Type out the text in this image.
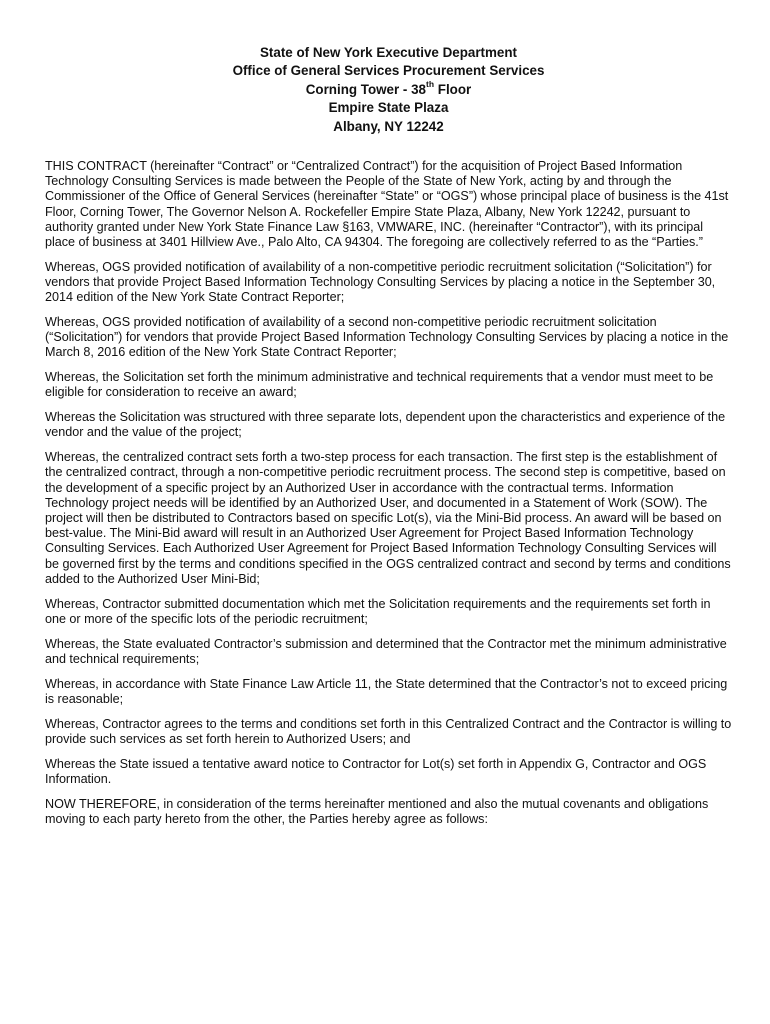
State of New York Executive Department
Office of General Services Procurement Services
Corning Tower - 38th Floor
Empire State Plaza
Albany, NY 12242

THIS CONTRACT (hereinafter “Contract” or “Centralized Contract”) for the acquisition of Project Based Information Technology Consulting Services is made between the People of the State of New York, acting by and through the Commissioner of the Office of General Services (hereinafter “State” or “OGS”) whose principal place of business is the 41st Floor, Corning Tower, The Governor Nelson A. Rockefeller Empire State Plaza, Albany, New York 12242, pursuant to authority granted under New York State Finance Law §163, VMWARE, INC. (hereinafter “Contractor”), with its principal place of business at 3401 Hillview Ave., Palo Alto, CA 94304. The foregoing are collectively referred to as the “Parties.”

Whereas, OGS provided notification of availability of a non-competitive periodic recruitment solicitation (“Solicitation”) for vendors that provide Project Based Information Technology Consulting Services by placing a notice in the September 30, 2014 edition of the New York State Contract Reporter;

Whereas, OGS provided notification of availability of a second non-competitive periodic recruitment solicitation (“Solicitation”) for vendors that provide Project Based Information Technology Consulting Services by placing a notice in the March 8, 2016 edition of the New York State Contract Reporter;

Whereas, the Solicitation set forth the minimum administrative and technical requirements that a vendor must meet to be eligible for consideration to receive an award;

Whereas the Solicitation was structured with three separate lots, dependent upon the characteristics and experience of the vendor and the value of the project;

Whereas, the centralized contract sets forth a two-step process for each transaction. The first step is the establishment of the centralized contract, through a non-competitive periodic recruitment process. The second step is competitive, based on the development of a specific project by an Authorized User in accordance with the contractual terms. Information Technology project needs will be identified by an Authorized User, and documented in a Statement of Work (SOW). The project will then be distributed to Contractors based on specific Lot(s), via the Mini-Bid process. An award will be based on best-value. The Mini-Bid award will result in an Authorized User Agreement for Project Based Information Technology Consulting Services. Each Authorized User Agreement for Project Based Information Technology Consulting Services will be governed first by the terms and conditions specified in the OGS centralized contract and second by terms and conditions added to the Authorized User Mini-Bid;

Whereas, Contractor submitted documentation which met the Solicitation requirements and the requirements set forth in one or more of the specific lots of the periodic recruitment;

Whereas, the State evaluated Contractor’s submission and determined that the Contractor met the minimum administrative and technical requirements;

Whereas, in accordance with State Finance Law Article 11, the State determined that the Contractor’s not to exceed pricing is reasonable;

Whereas, Contractor agrees to the terms and conditions set forth in this Centralized Contract and the Contractor is willing to provide such services as set forth herein to Authorized Users; and

Whereas the State issued a tentative award notice to Contractor for Lot(s) set forth in Appendix G, Contractor and OGS Information.

NOW THEREFORE, in consideration of the terms hereinafter mentioned and also the mutual covenants and obligations moving to each party hereto from the other, the Parties hereby agree as follows:
